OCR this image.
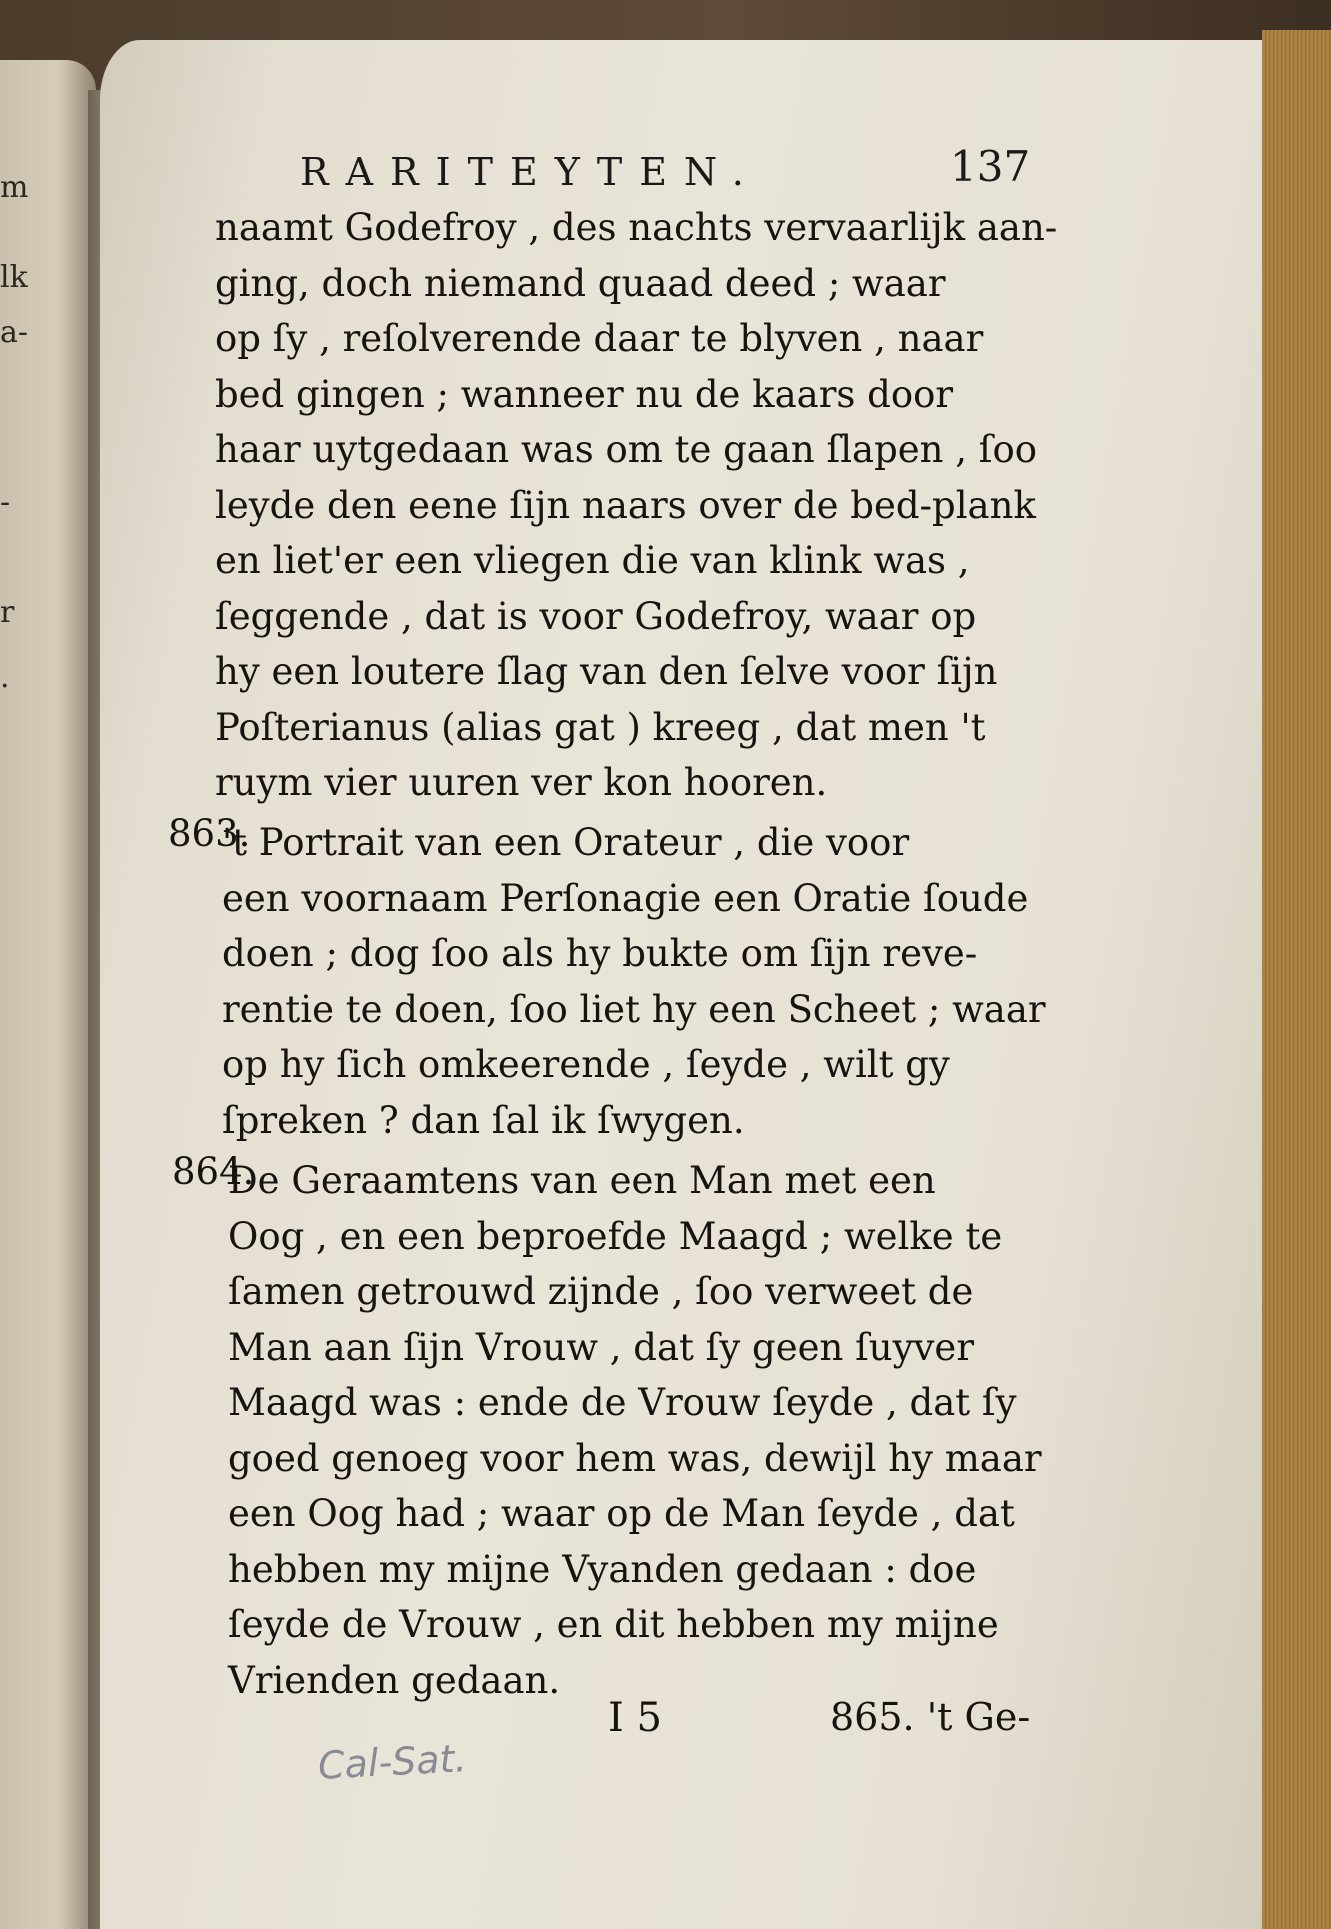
m
lk
a-
-
r
.
RARITEYTEN.	137
naamt Godefroy , des nachts vervaarlijk aan-
ging, doch niemand quaad deed ; waar
op ſy , reſolverende daar te blyven , naar
bed gingen ; wanneer nu de kaars door
haar uytgedaan was om te gaan ſlapen , ſoo
leyde den eene ſijn naars over de bed-plank
en liet'er een vliegen die van klink was ,
ſeggende , dat is voor Godefroy, waar op
hy een loutere ſlag van den ſelve voor ſijn
Poſterianus (alias gat ) kreeg , dat men 't
ruym vier uuren ver kon hooren.
863.
't Portrait van een Orateur , die voor
een voornaam Perſonagie een Oratie ſoude
doen ; dog ſoo als hy bukte om ſijn reve-
rentie te doen, ſoo liet hy een Scheet ; waar
op hy ſich omkeerende , ſeyde , wilt gy
ſpreken ? dan ſal ik ſwygen.
864.
De Geraamtens van een Man met een
Oog , en een beproefde Maagd ; welke te
ſamen getrouwd zijnde , ſoo verweet de
Man aan ſijn Vrouw , dat ſy geen ſuyver
Maagd was : ende de Vrouw ſeyde , dat ſy
goed genoeg voor hem was, dewijl hy maar
een Oog had ; waar op de Man ſeyde , dat
hebben my mijne Vyanden gedaan : doe
ſeyde de Vrouw , en dit hebben my mijne
Vrienden gedaan.
I 5	865. 't Ge-
Cal-Sat.
